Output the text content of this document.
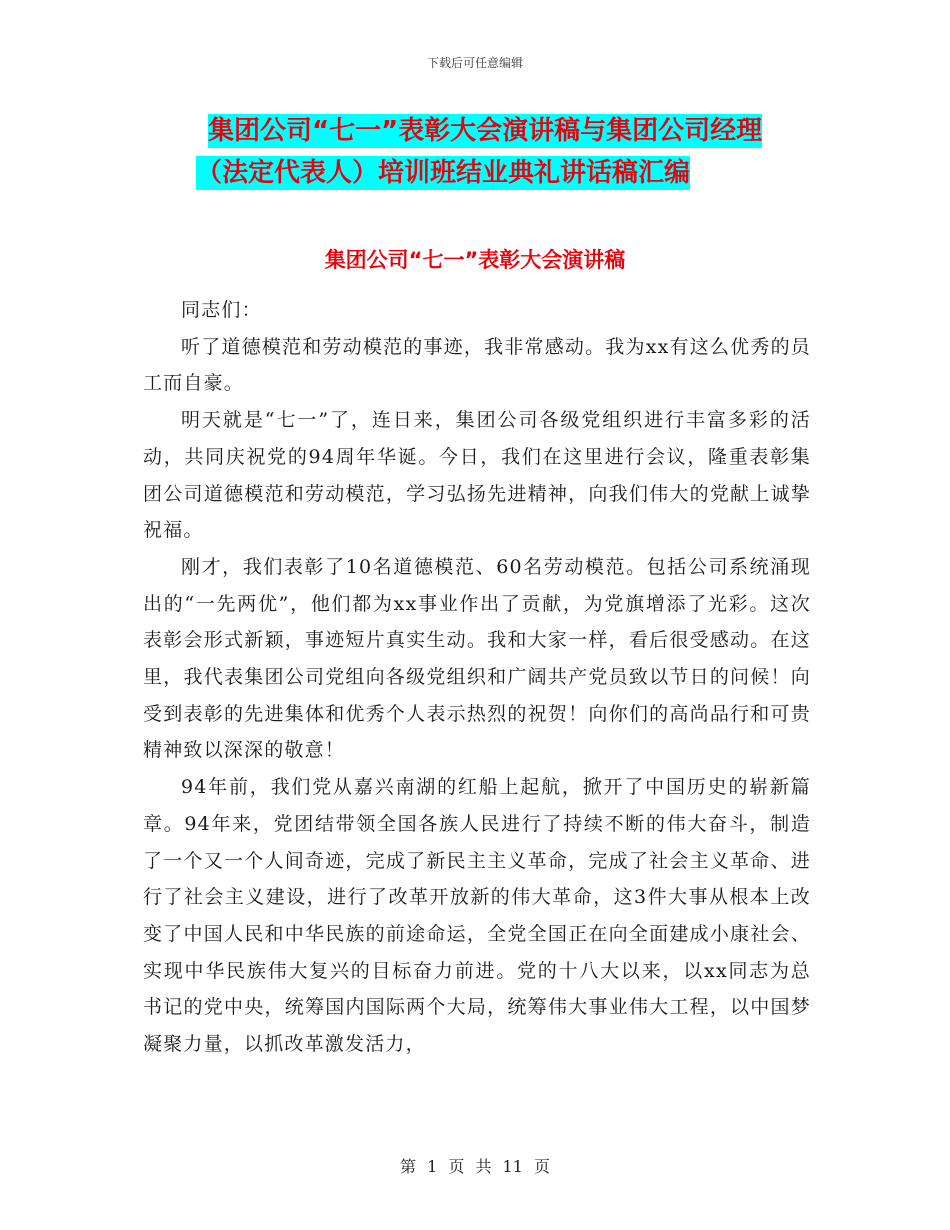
下载后可任意编辑
集团公司“七一”表彰大会演讲稿与集团公司经理
（法定代表人）培训班结业典礼讲话稿汇编
集团公司“七一”表彰大会演讲稿

同志们：

听了道德模范和劳动模范的事迹，我非常感动。我为xx有这么优秀的员工而自豪。

明天就是“七一”了，连日来，集团公司各级党组织进行丰富多彩的活动，共同庆祝党的94周年华诞。今日，我们在这里进行会议，隆重表彰集团公司道德模范和劳动模范，学习弘扬先进精神，向我们伟大的党献上诚挚祝福。

刚才，我们表彰了10名道德模范、60名劳动模范。包括公司系统涌现出的“一先两优”，他们都为xx事业作出了贡献，为党旗增添了光彩。这次表彰会形式新颖，事迹短片真实生动。我和大家一样，看后很受感动。在这里，我代表集团公司党组向各级党组织和广阔共产党员致以节日的问候！向受到表彰的先进集体和优秀个人表示热烈的祝贺！向你们的高尚品行和可贵精神致以深深的敬意！

94年前，我们党从嘉兴南湖的红船上起航，掀开了中国历史的崭新篇章。94年来，党团结带领全国各族人民进行了持续不断的伟大奋斗，制造了一个又一个人间奇迹，完成了新民主主义革命，完成了社会主义革命、进行了社会主义建设，进行了改革开放新的伟大革命，这3件大事从根本上改变了中国人民和中华民族的前途命运，全党全国正在向全面建成小康社会、实现中华民族伟大复兴的目标奋力前进。党的十八大以来，以xx同志为总书记的党中央，统筹国内国际两个大局，统筹伟大事业伟大工程，以中国梦凝聚力量，以抓改革激发活力，

第 1 页 共 11 页
